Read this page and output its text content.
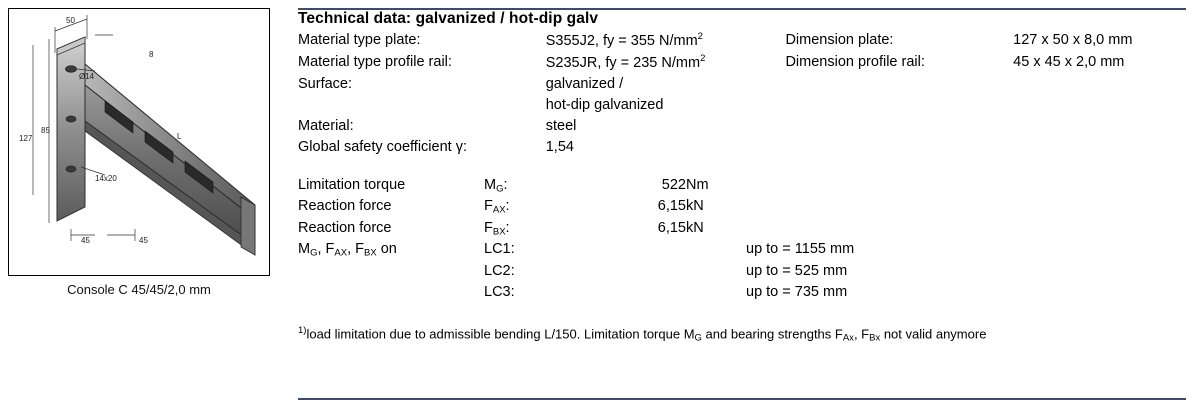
50
8
Ø14
127
85
14x20
L
45	45
Console C 45/45/2,0 mm
Technical data: galvanized / hot-dip galv
Material type plate:	S355J2, fy = 355 $N/mm^2$	Dimension plate:	127 x 50 x 8,0 mm
Material type profile rail:	S235JR, fy = 235 $N/mm^2$	Dimension profile rail:	45 x 45 x 2,0 mm
Surface:	galvanized /		
	hot-dip galvanized		
Material:	steel		
Global safety coefficient γ:	1,54		
Limitation torque	$M_G$:	522	Nm	
Reaction force	$F_{AX}$:	6,15	kN	
Reaction force	$F_{BX}$:	6,15	kN	
$M_G$, $F_{AX}$, $F_{BX}$ on	LC1:			up to = 1155 mm
	LC2:			up to = 525 mm
	LC3:			up to = 735 mm
$^{1)}$load limitation due to admissible bending L/150. Limitation torque $M_G$ and bearing strengths $F_{Ax}$, $F_{Bx}$ not valid anymore
